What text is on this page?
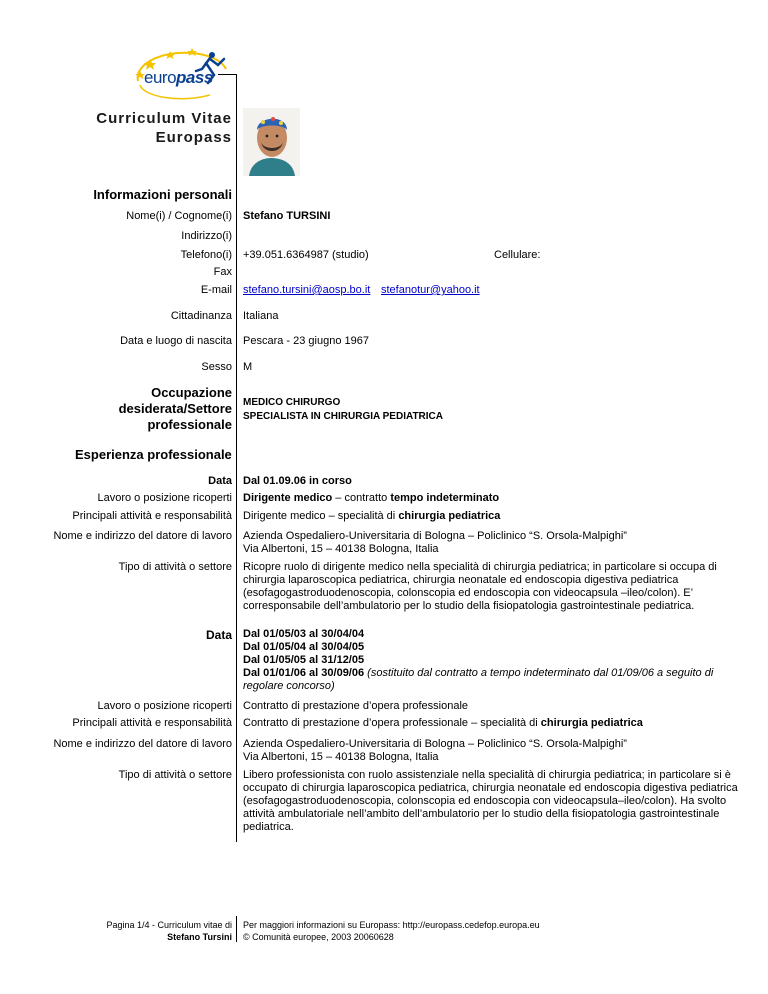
europass
Curriculum Vitae
Europass
Informazioni personali
Nome(i) / Cognome(i) Stefano TURSINI
Indirizzo(i)
Telefono(i) +39.051.6364987 (studio)	Cellulare:
Fax
E-mail stefano.tursini@aosp.bo.it stefanotur@yahoo.it
Cittadinanza Italiana
Data e luogo di nascita Pescara - 23 giugno 1967
Sesso M
Occupazione
desiderata/Settore
professionale
MEDICO CHIRURGO
SPECIALISTA IN CHIRURGIA PEDIATRICA
Esperienza professionale
Data Dal 01.09.06 in corso
Lavoro o posizione ricoperti Dirigente medico – contratto tempo indeterminato
Principali attività e responsabilità Dirigente medico – specialità di chirurgia pediatrica
Nome e indirizzo del datore di lavoro Azienda Ospedaliero-Universitaria di Bologna – Policlinico “S. Orsola-Malpighi”
Via Albertoni, 15 – 40138 Bologna, Italia
Tipo di attività o settore Ricopre ruolo di dirigente medico nella specialità di chirurgia pediatrica; in particolare si occupa di
chirurgia laparoscopica pediatrica, chirurgia neonatale ed endoscopia digestiva pediatrica
(esofagogastroduodenoscopia, colonscopia ed endoscopia con videocapsula –ileo/colon). E’
corresponsabile dell’ambulatorio per lo studio della fisiopatologia gastrointestinale pediatrica.
Data Dal 01/05/03 al 30/04/04
Dal 01/05/04 al 30/04/05
Dal 01/05/05 al 31/12/05
Dal 01/01/06 al 30/09/06 (sostituito dal contratto a tempo indeterminato dal 01/09/06 a seguito di
regolare concorso)
Lavoro o posizione ricoperti Contratto di prestazione d’opera professionale
Principali attività e responsabilità Contratto di prestazione d’opera professionale – specialità di chirurgia pediatrica
Nome e indirizzo del datore di lavoro Azienda Ospedaliero-Universitaria di Bologna – Policlinico “S. Orsola-Malpighi”
Via Albertoni, 15 – 40138 Bologna, Italia
Tipo di attività o settore Libero professionista con ruolo assistenziale nella specialità di chirurgia pediatrica; in particolare si è
occupato di chirurgia laparoscopica pediatrica, chirurgia neonatale ed endoscopia digestiva pediatrica
(esofagogastroduodenoscopia, colonscopia ed endoscopia con videocapsula–ileo/colon). Ha svolto
attività ambulatoriale nell’ambito dell’ambulatorio per lo studio della fisiopatologia gastrointestinale
pediatrica.
Pagina 1/4 - Curriculum vitae di
Stefano Tursini
Per maggiori informazioni su Europass: http://europass.cedefop.europa.eu
© Comunità europee, 2003 20060628
